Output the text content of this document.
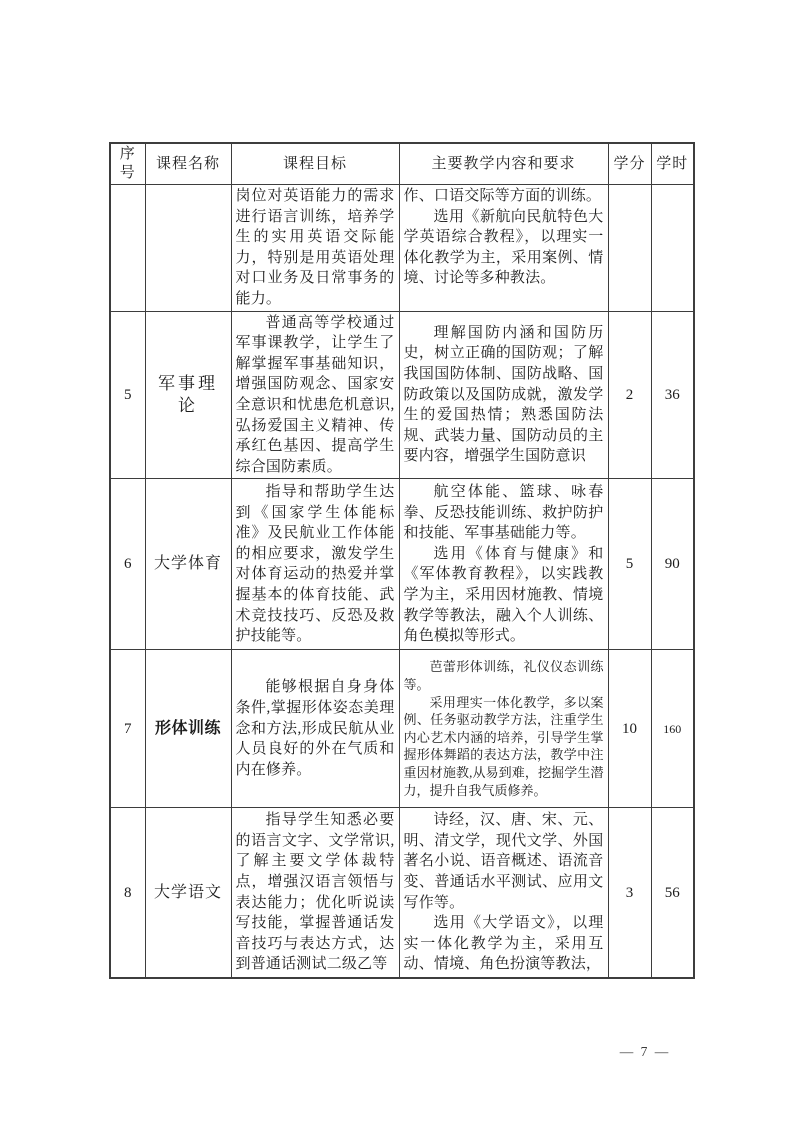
序号	课程名称	课程目标	主要教学内容和要求	学分	学时

		岗位对英语能力的需求进行语言训练，培养学生的实用英语交际能力，特别是用英语处理对口业务及日常事务的能力。	作、口语交际等方面的训练。

选用《新航向民航特色大学英语综合教程》，以理实一体化教学为主，采用案例、情境、讨论等多种教法。		

5	军事理论	普通高等学校通过军事课教学，让学生了解掌握军事基础知识，增强国防观念、国家安全意识和忧患危机意识,弘扬爱国主义精神、传承红色基因、提高学生综合国防素质。	理解国防内涵和国防历史，树立正确的国防观；了解我国国防体制、国防战略、国防政策以及国防成就，激发学生的爱国热情；熟悉国防法规、武装力量、国防动员的主要内容，增强学生国防意识	2	36
6	大学体育	指导和帮助学生达到《国家学生体能标准》及民航业工作体能的相应要求，激发学生对体育运动的热爱并掌握基本的体育技能、武术竞技技巧、反恐及救护技能等。	航空体能、篮球、咏春拳、反恐技能训练、救护防护和技能、军事基础能力等。

选用《体育与健康》和《军体教育教程》，以实践教学为主，采用因材施教、情境教学等教法，融入个人训练、角色模拟等形式。	5	90
7	形体训练	能够根据自身身体条件,掌握形体姿态美理念和方法,形成民航从业人员良好的外在气质和内在修养。	芭蕾形体训练，礼仪仪态训练等。

采用理实一体化教学，多以案例、任务驱动教学方法，注重学生内心艺术内涵的培养，引导学生掌握形体舞蹈的表达方法，教学中注重因材施教,从易到难，挖掘学生潜力，提升自我气质修养。	10	160
8	大学语文	指导学生知悉必要的语言文字、文学常识,了解主要文学体裁特点，增强汉语言领悟与表达能力；优化听说读写技能，掌握普通话发音技巧与表达方式，达到普通话测试二级乙等	诗经，汉、唐、宋、元、明、清文学，现代文学、外国著名小说、语音概述、语流音变、普通话水平测试、应用文写作等。

选用《大学语文》，以理实一体化教学为主，采用互动、情境、角色扮演等教法，	3	56
— 7 —
